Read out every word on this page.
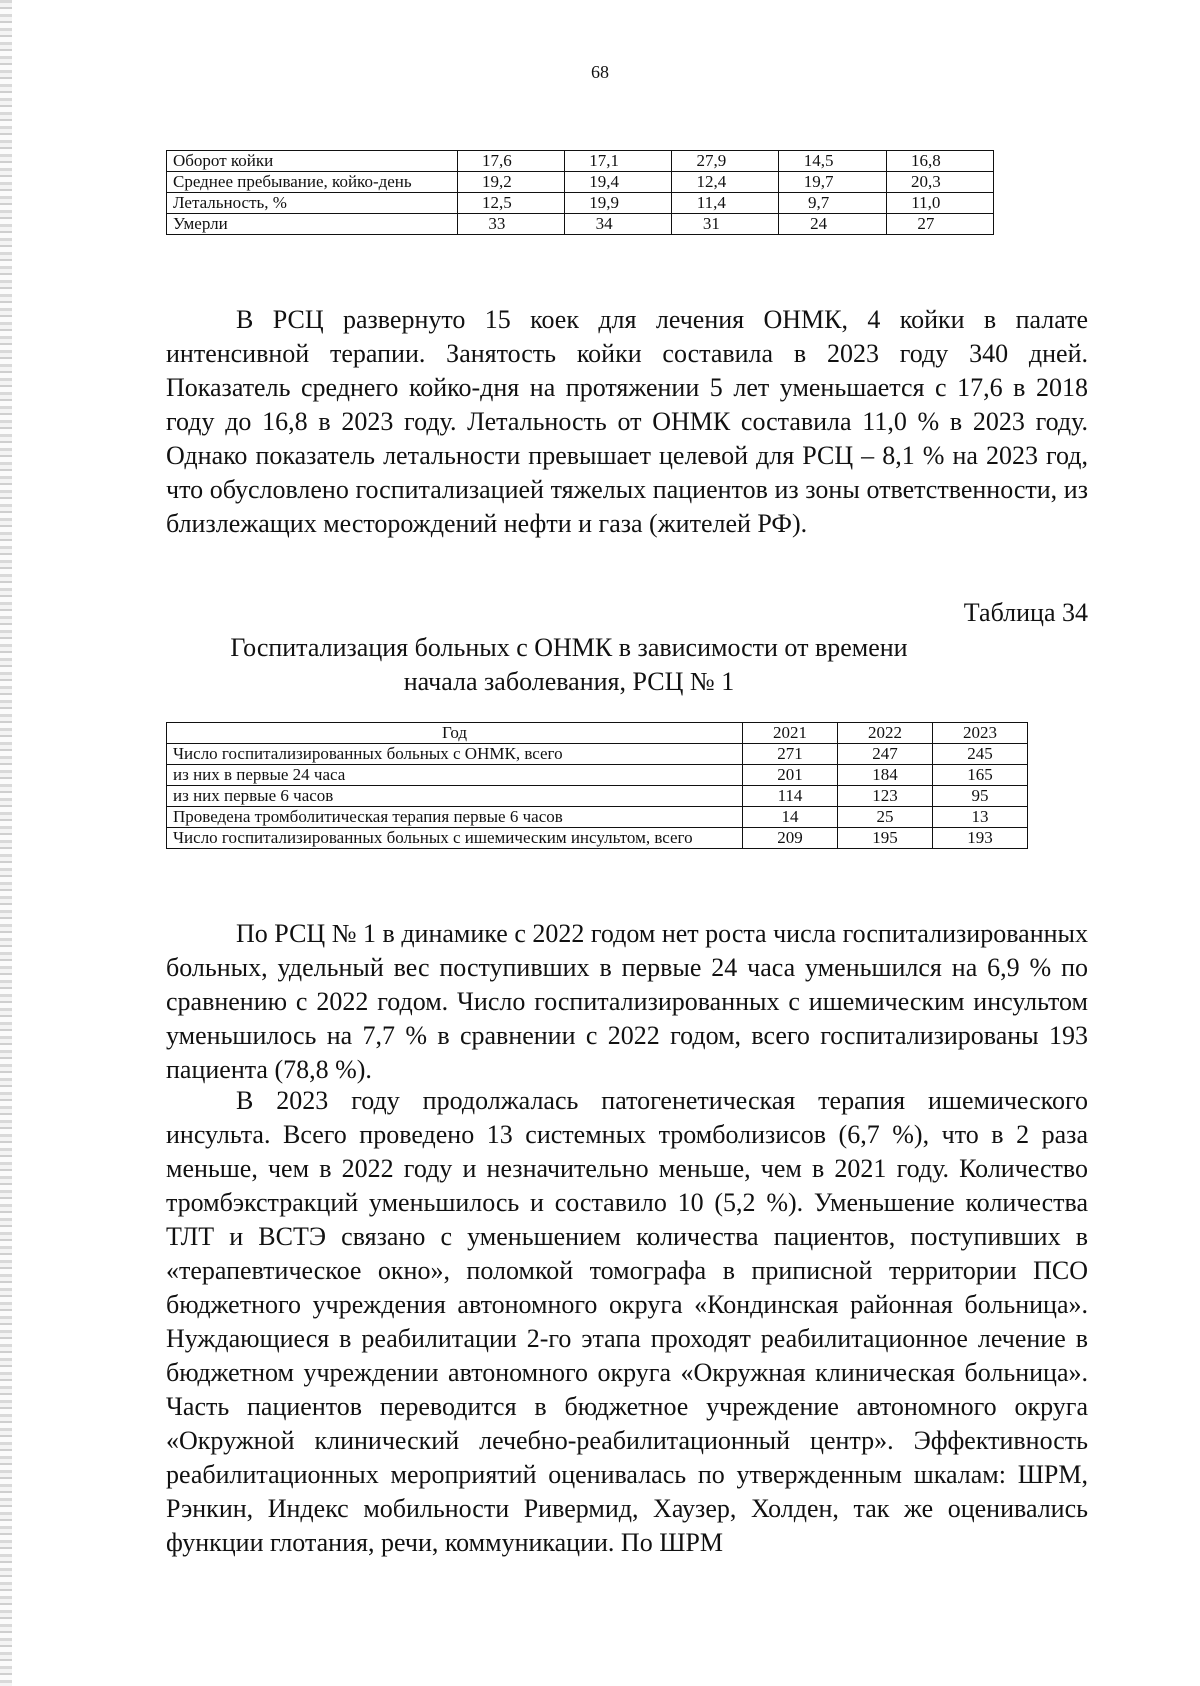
68
Оборот койки	17,6	17,1	27,9	14,5	16,8
Среднее пребывание, койко-день	19,2	19,4	12,4	19,7	20,3
Летальность, %	12,5	19,9	11,4	9,7	11,0
Умерли	33	34	31	24	27

В РСЦ развернуто 15 коек для лечения ОНМК, 4 койки в палате интенсивной терапии. Занятость койки составила в 2023 году 340 дней. Показатель среднего койко-дня на протяжении 5 лет уменьшается с 17,6 в 2018 году до 16,8 в 2023 году. Летальность от ОНМК составила 11,0 % в 2023 году. Однако показатель летальности превышает целевой для РСЦ – 8,1 % на 2023 год, что обусловлено госпитализацией тяжелых пациентов из зоны ответственности, из близлежащих месторождений нефти и газа (жителей РФ).

Таблица 34
Госпитализация больных с ОНМК в зависимости от времени
начала заболевания, РСЦ № 1
Год	2021	2022	2023
Число госпитализированных больных с ОНМК, всего	271	247	245
из них в первые 24 часа	201	184	165
из них первые 6 часов	114	123	95
Проведена тромболитическая терапия первые 6 часов	14	25	13
Число госпитализированных больных с ишемическим инсультом, всего	209	195	193

По РСЦ № 1 в динамике с 2022 годом нет роста числа госпитализированных больных, удельный вес поступивших в первые 24 часа уменьшился на 6,9 % по сравнению с 2022 годом. Число госпитализированных с ишемическим инсультом уменьшилось на 7,7 % в сравнении с 2022 годом, всего госпитализированы 193 пациента (78,8 %).

В 2023 году продолжалась патогенетическая терапия ишемического инсульта. Всего проведено 13 системных тромболизисов (6,7 %), что в 2 раза меньше, чем в 2022 году и незначительно меньше, чем в 2021 году. Количество тромбэкстракций уменьшилось и составило 10 (5,2 %). Уменьшение количества ТЛТ и ВСТЭ связано с уменьшением количества пациентов, поступивших в «терапевтическое окно», поломкой томографа в приписной территории ПСО бюджетного учреждения автономного округа «Кондинская районная больница». Нуждающиеся в реабилитации 2-го этапа проходят реабилитационное лечение в бюджетном учреждении автономного округа «Окружная клиническая больница». Часть пациентов переводится в бюджетное учреждение автономного округа «Окружной клинический лечебно-реабилитационный центр». Эффективность реабилитационных мероприятий оценивалась по утвержденным шкалам: ШРМ, Рэнкин, Индекс мобильности Ривермид, Хаузер, Холден, так же оценивались функции глотания, речи, коммуникации. По ШРМ
